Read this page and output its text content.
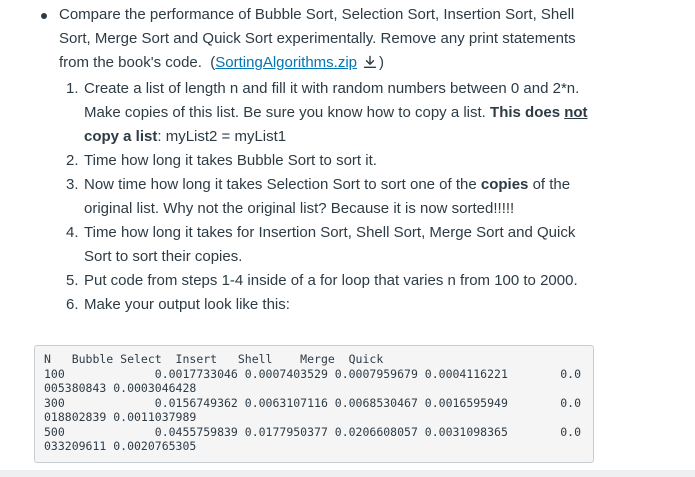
Compare the performance of Bubble Sort, Selection Sort, Insertion Sort, Shell Sort, Merge Sort and Quick Sort experimentally. Remove any print statements from the book's code. (SortingAlgorithms.zip )
1. Create a list of length n and fill it with random numbers between 0 and 2*n. Make copies of this list. Be sure you know how to copy a list. This does not copy a list: myList2 = myList1
2. Time how long it takes Bubble Sort to sort it.
3. Now time how long it takes Selection Sort to sort one of the copies of the original list. Why not the original list? Because it is now sorted!!!!!
4. Time how long it takes for Insertion Sort, Shell Sort, Merge Sort and Quick Sort to sort their copies.
5. Put code from steps 1-4 inside of a for loop that varies n from 100 to 2000.
6. Make your output look like this:
N   Bubble Select  Insert   Shell    Merge  Quick
100             0.0017733046 0.0007403529 0.0007959679 0.0004116221	0.0
005380843 0.0003046428
300             0.0156749362 0.0063107116 0.0068530467 0.0016595949	0.0
018802839 0.0011037989
500             0.0455759839 0.0177950377 0.0206608057 0.0031098365	0.0
033209611 0.0020765305
